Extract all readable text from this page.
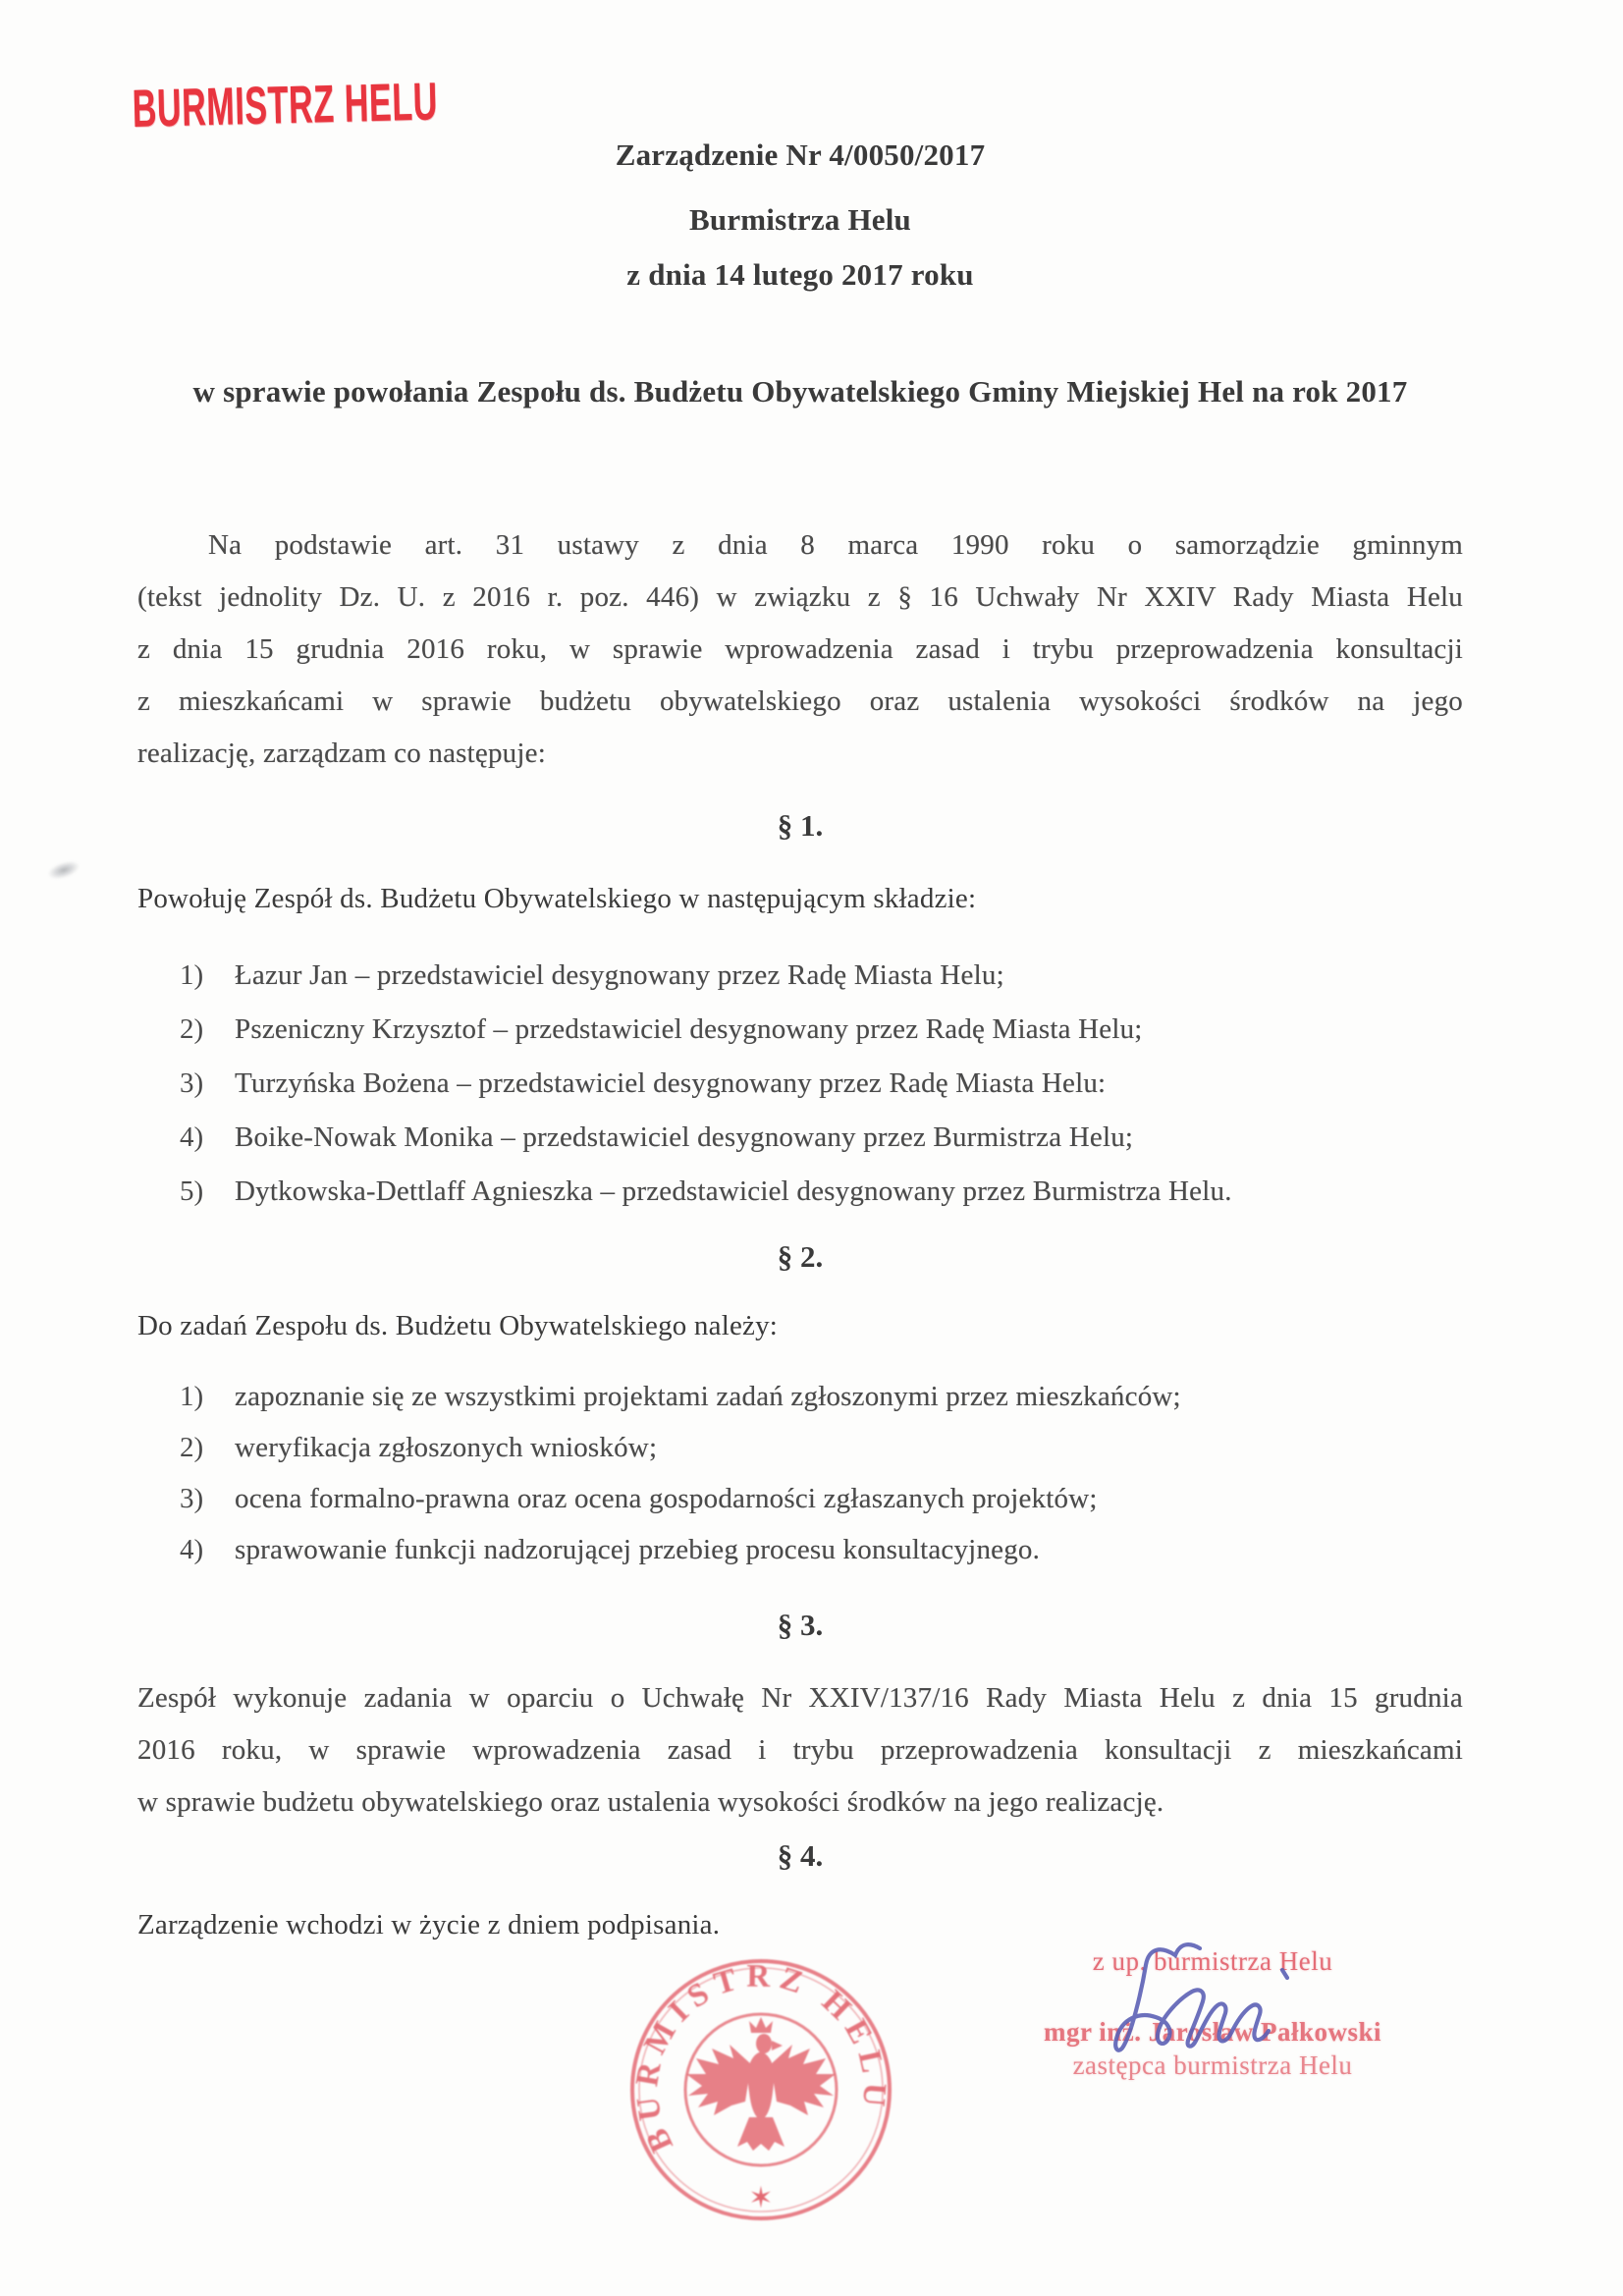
BURMISTRZ HELU
Zarządzenie Nr 4/0050/2017
Burmistrza Helu
z dnia 14 lutego 2017 roku
w sprawie powołania Zespołu ds. Budżetu Obywatelskiego Gminy Miejskiej Hel na rok 2017
Na podstawie art. 31 ustawy z dnia 8 marca 1990 roku o samorządzie gminnym
(tekst jednolity Dz. U. z 2016 r. poz. 446) w związku z § 16 Uchwały Nr XXIV Rady Miasta Helu
z dnia 15 grudnia 2016 roku, w sprawie wprowadzenia zasad i trybu przeprowadzenia konsultacji
z mieszkańcami w sprawie budżetu obywatelskiego oraz ustalenia wysokości środków na jego
realizację, zarządzam co następuje:
§ 1.
Powołuję Zespół ds. Budżetu Obywatelskiego w następującym składzie:
1) Łazur Jan – przedstawiciel desygnowany przez Radę Miasta Helu;
2) Pszeniczny Krzysztof – przedstawiciel desygnowany przez Radę Miasta Helu;
3) Turzyńska Bożena – przedstawiciel desygnowany przez Radę Miasta Helu:
4) Boike-Nowak Monika – przedstawiciel desygnowany przez Burmistrza Helu;
5) Dytkowska-Dettlaff Agnieszka – przedstawiciel desygnowany przez Burmistrza Helu.
§ 2.
Do zadań Zespołu ds. Budżetu Obywatelskiego należy:
1) zapoznanie się ze wszystkimi projektami zadań zgłoszonymi przez mieszkańców;
2) weryfikacja zgłoszonych wniosków;
3) ocena formalno-prawna oraz ocena gospodarności zgłaszanych projektów;
4) sprawowanie funkcji nadzorującej przebieg procesu konsultacyjnego.
§ 3.
Zespół wykonuje zadania w oparciu o Uchwałę Nr XXIV/137/16 Rady Miasta Helu z dnia 15 grudnia
2016 roku, w sprawie wprowadzenia zasad i trybu przeprowadzenia konsultacji z mieszkańcami
w sprawie budżetu obywatelskiego oraz ustalenia wysokości środków na jego realizację.
§ 4.
Zarządzenie wchodzi w życie z dniem podpisania.
BURMISTRZ HELU
✶
z up. burmistrza Helu
mgr inż. Jarosław Pałkowski
zastępca burmistrza Helu
